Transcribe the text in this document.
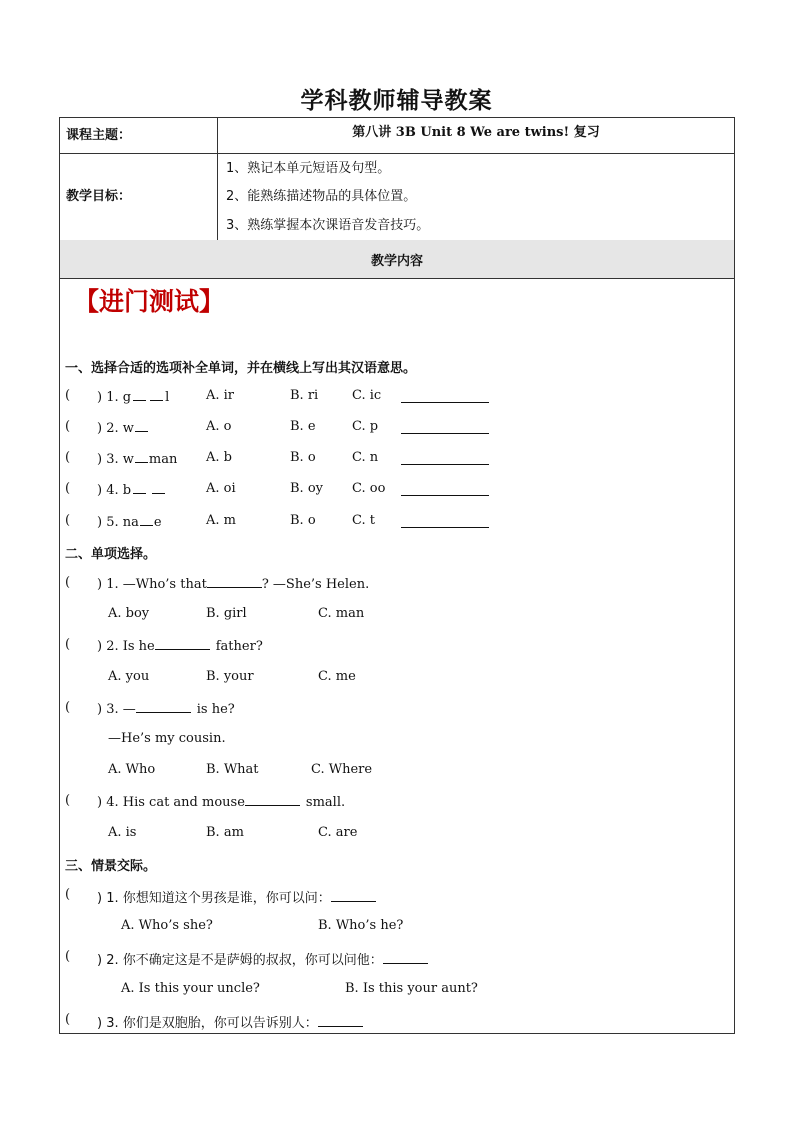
学科教师辅导教案
课程主题：	第八讲 3B Unit 8 We are twins! 复习
教学目标：
1、熟记本单元短语及句型。
2、能熟练描述物品的具体位置。
3、熟练掌握本次课语音发音技巧。
教学内容
【进门测试】
一、选择合适的选项补全单词，并在横线上写出其汉语意思。
( ) 1. g	l	A. ir	B. ri	C. ic
( ) 2. w	A. o	B. e	C. p
( ) 3. w man A. b	B. o	C. n
( ) 4. b	A. oi	B. oy C. oo
( ) 5. na e	A. m	B. o	C. t
二、单项选择。
( ) 1. —Who’s that	? —She’s Helen.
A. boy	B. girl	C. man
( ) 2. Is he	father?
A. you	B. your	C. me
( ) 3. —	is he?
—He’s my cousin.
A. Who	B. What	C. Where
( ) 4. His cat and mouse	small.
A. is	B. am	C. are
三、情景交际。
( ) 1. 你想知道这个男孩是谁，你可以问：
A. Who’s she?	B. Who’s he?
( ) 2. 你不确定这是不是萨姆的叔叔，你可以问他：
A. Is this your uncle?	B. Is this your aunt?
( ) 3. 你们是双胞胎，你可以告诉别人：
